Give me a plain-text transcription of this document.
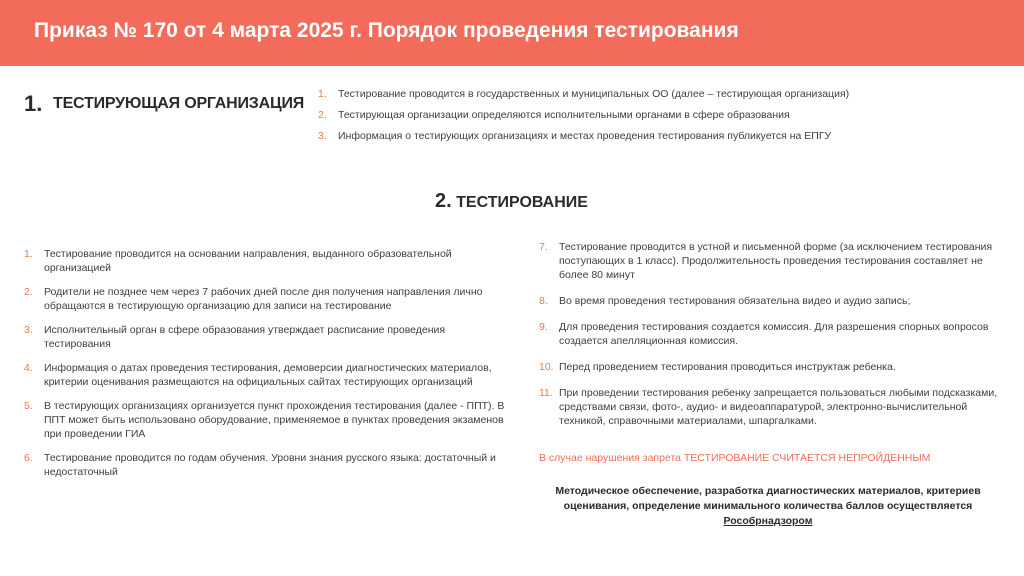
Приказ № 170 от 4 марта 2025 г. Порядок проведения тестирования
1. ТЕСТИРУЮЩАЯ ОРГАНИЗАЦИЯ
1. Тестирование проводится в государственных и муниципальных ОО (далее – тестирующая организация)
2. Тестирующая организации определяются исполнительными органами в сфере образования
3. Информация о тестирующих организациях и местах проведения тестирования публикуется на ЕПГУ
2. ТЕСТИРОВАНИЕ
1. Тестирование проводится на основании направления, выданного образовательной организацией
2. Родители не позднее чем через 7 рабочих дней после дня получения направления лично обращаются в тестирующую организацию для записи на тестирование
3. Исполнительный орган в сфере образования утверждает расписание проведения тестирования
4. Информация о датах проведения тестирования, демоверсии диагностических материалов, критерии оценивания размещаются на официальных сайтах тестирующих организаций
5. В тестирующих организациях организуется пункт прохождения тестирования (далее - ППТ). В ППТ может быть использовано оборудование, применяемое в пунктах проведения экзаменов при проведении ГИА
6. Тестирование проводится по годам обучения. Уровни знания русского языка: достаточный и недостаточный
7. Тестирование проводится в устной и письменной форме (за исключением тестирования поступающих в 1 класс). Продолжительность проведения тестирования составляет не более 80 минут
8. Во время проведения тестирования обязательна видео и аудио запись;
9. Для проведения тестирования создается комиссия. Для разрешения спорных вопросов создается апелляционная комиссия.
10. Перед проведением тестирования проводиться инструктаж ребенка.
11. При проведении тестирования ребенку запрещается пользоваться любыми подсказками, средствами связи, фото-, аудио- и видеоаппаратурой, электронно-вычислительной техникой, справочными материалами, шпаргалками.
В случае нарушения запрета ТЕСТИРОВАНИЕ СЧИТАЕТСЯ НЕПРОЙДЕННЫМ
Методическое обеспечение, разработка диагностических материалов, критериев оценивания, определение минимального количества баллов осуществляется Рособрнадзором
